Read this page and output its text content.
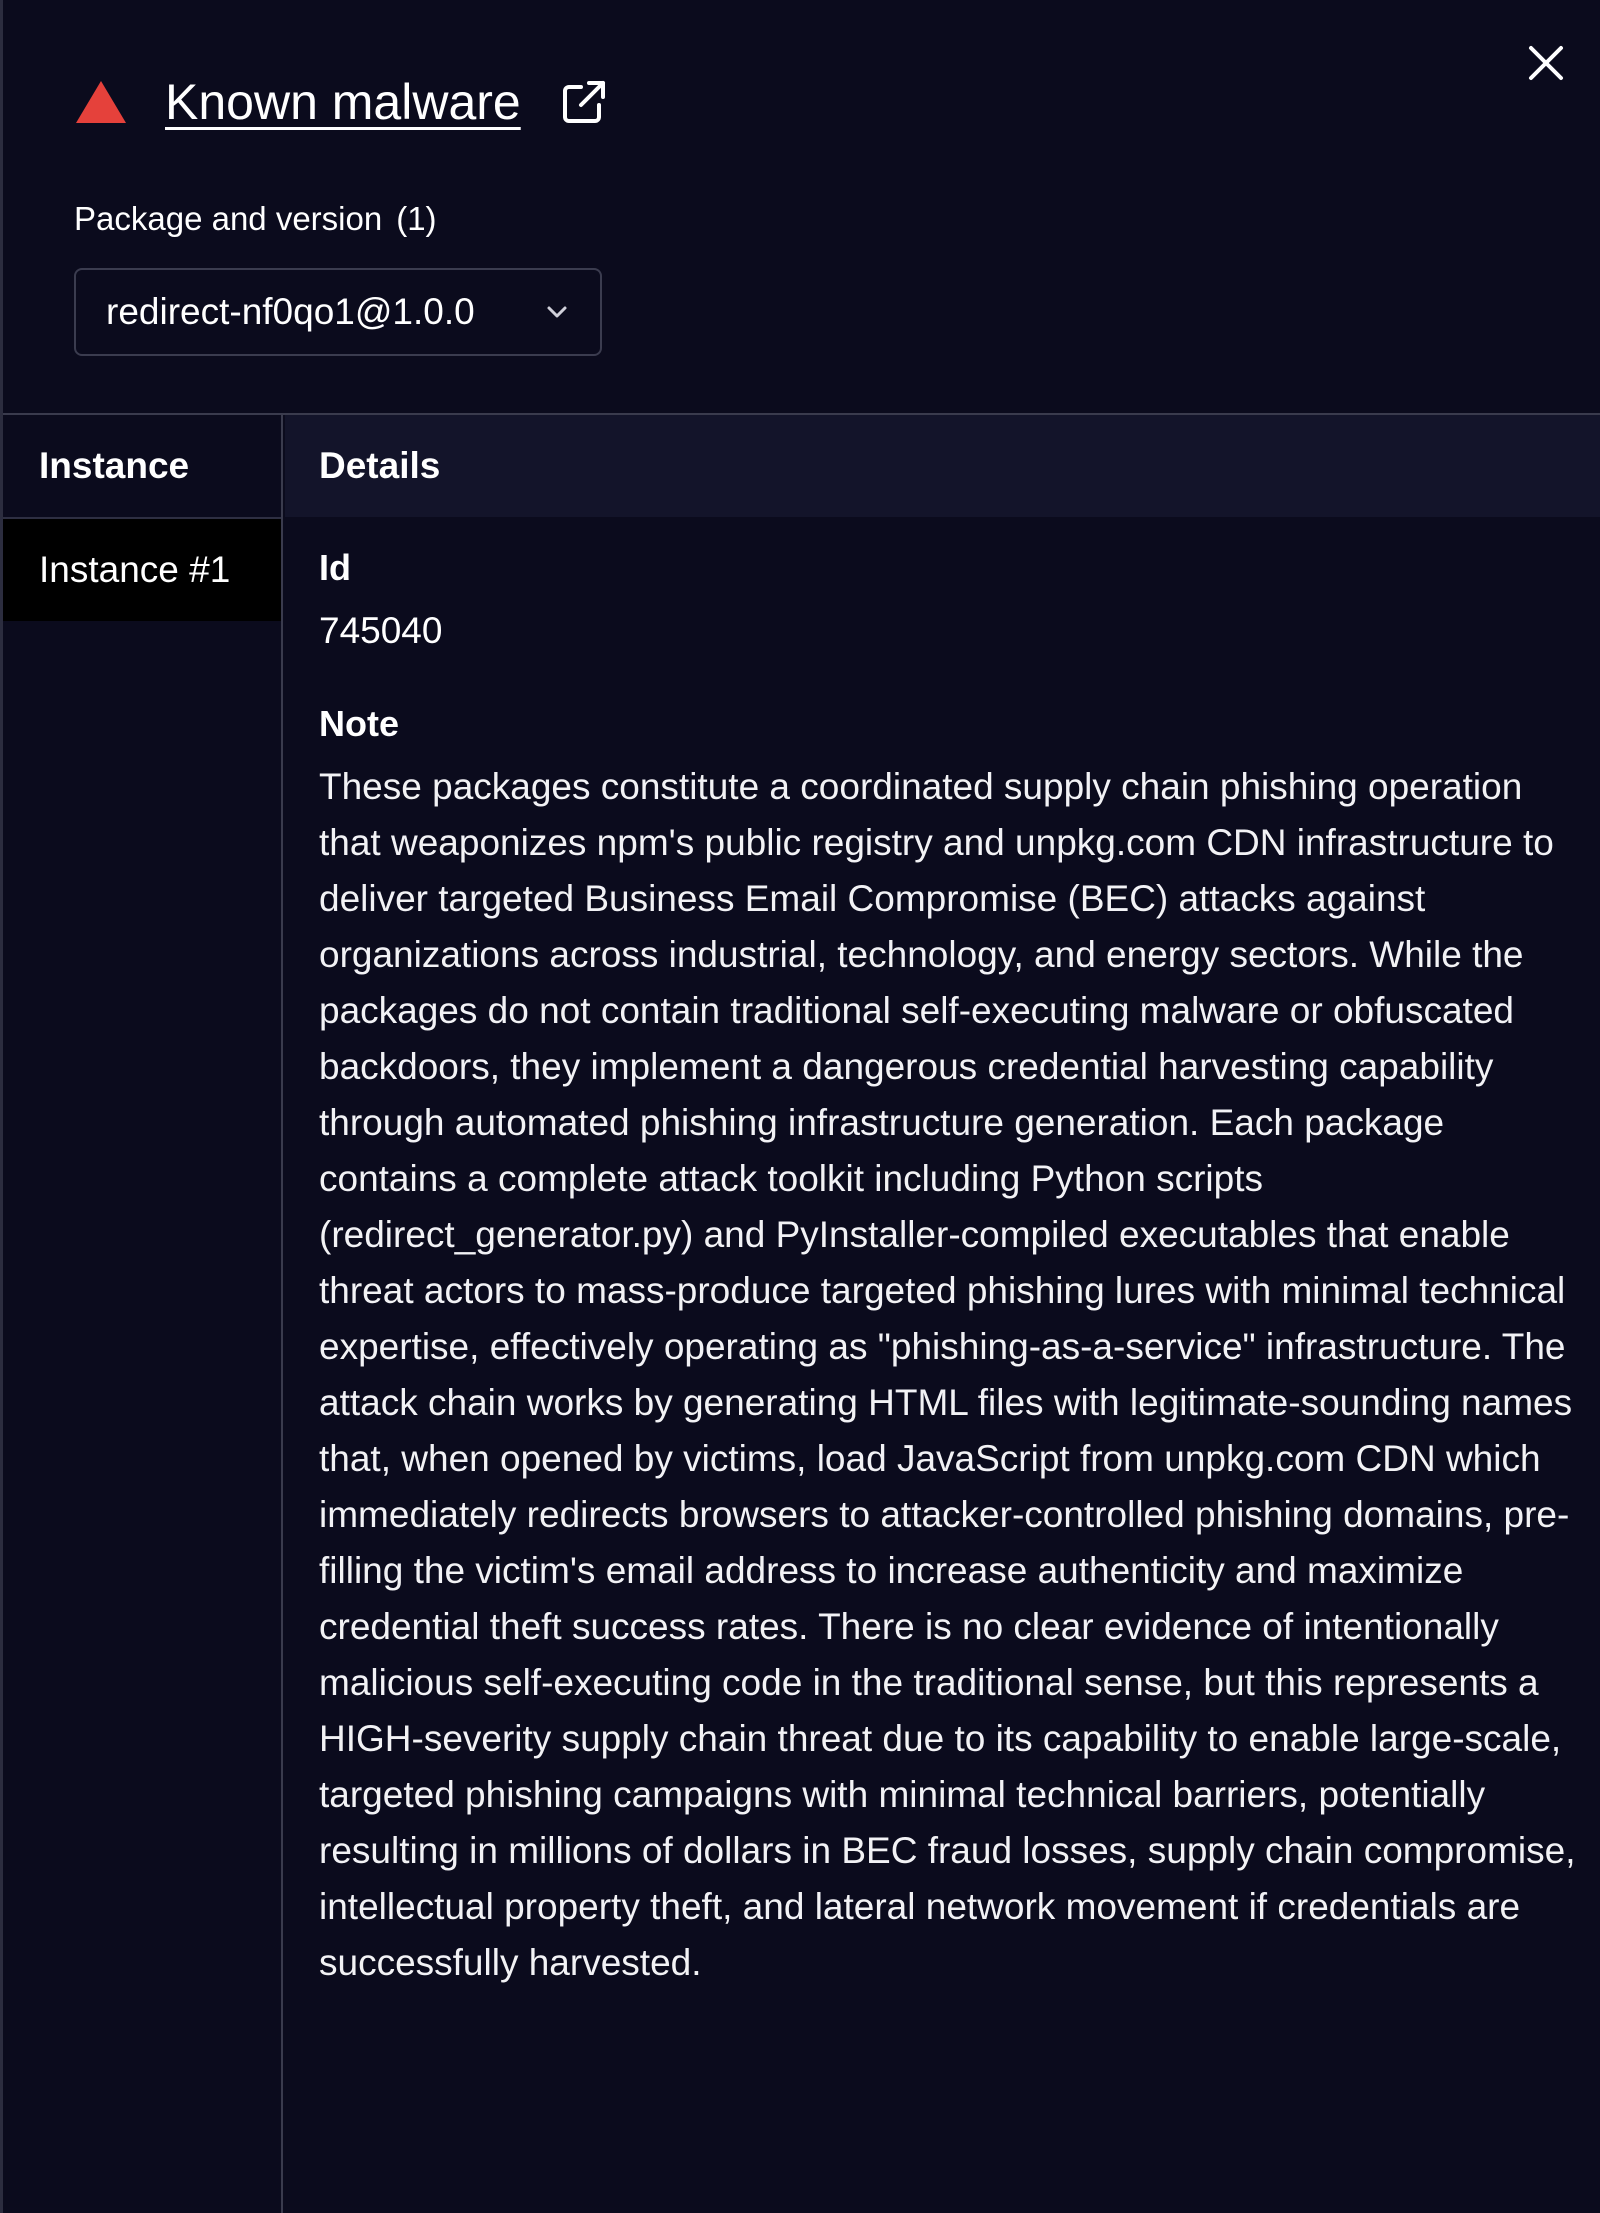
Known malware
Package and version (1)
redirect-nf0qo1@1.0.0
Instance
Instance #1
Details
Id
745040
Note
These packages constitute a coordinated supply chain phishing operation that weaponizes npm's public registry and unpkg.com CDN infrastructure to deliver targeted Business Email Compromise (BEC) attacks against organizations across industrial, technology, and energy sectors. While the packages do not contain traditional self-executing malware or obfuscated backdoors, they implement a dangerous credential harvesting capability through automated phishing infrastructure generation. Each package contains a complete attack toolkit including Python scripts (redirect_generator.py) and PyInstaller-compiled executables that enable threat actors to mass-produce targeted phishing lures with minimal technical expertise, effectively operating as "phishing-as-a-service" infrastructure. The attack chain works by generating HTML files with legitimate-sounding names that, when opened by victims, load JavaScript from unpkg.com CDN which immediately redirects browsers to attacker-controlled phishing domains, pre-filling the victim's email address to increase authenticity and maximize credential theft success rates. There is no clear evidence of intentionally malicious self-executing code in the traditional sense, but this represents a HIGH-severity supply chain threat due to its capability to enable large-scale, targeted phishing campaigns with minimal technical barriers, potentially resulting in millions of dollars in BEC fraud losses, supply chain compromise, intellectual property theft, and lateral network movement if credentials are successfully harvested.
